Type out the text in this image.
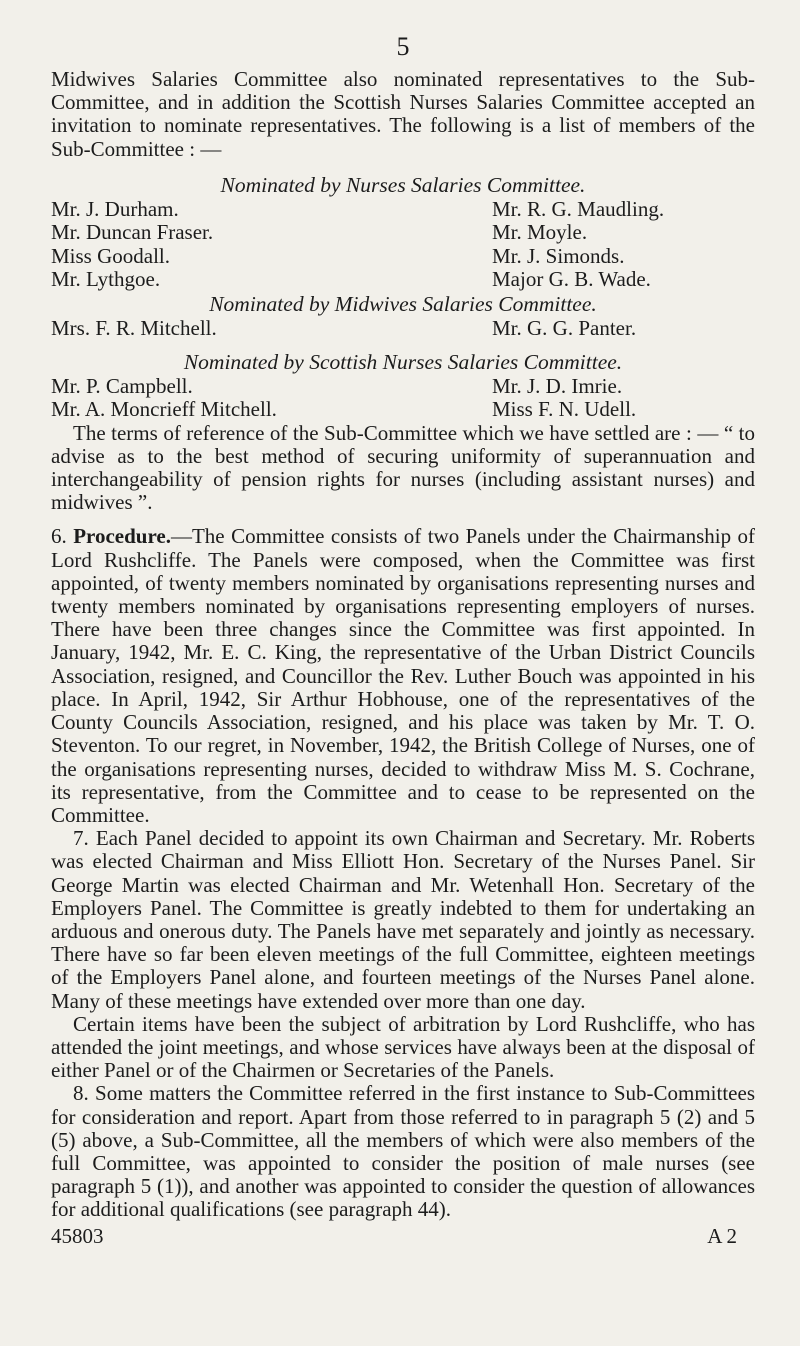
5

Midwives Salaries Committee also nominated representatives to the Sub-Committee, and in addition the Scottish Nurses Salaries Committee accepted an invitation to nominate representatives. The following is a list of members of the Sub-Committee : —

Nominated by Nurses Salaries Committee.
Mr. J. Durham.	Mr. R. G. Maudling.
Mr. Duncan Fraser.	Mr. Moyle.
Miss Goodall.	Mr. J. Simonds.
Mr. Lythgoe.	Major G. B. Wade.
Nominated by Midwives Salaries Committee.
Mrs. F. R. Mitchell.	Mr. G. G. Panter.
Nominated by Scottish Nurses Salaries Committee.
Mr. P. Campbell.	Mr. J. D. Imrie.
Mr. A. Moncrieff Mitchell.	Miss F. N. Udell.

The terms of reference of the Sub-Committee which we have settled are : — “ to advise as to the best method of securing uniformity of superannuation and interchangeability of pension rights for nurses (including assistant nurses) and midwives ”.

6. Procedure.—The Committee consists of two Panels under the Chairmanship of Lord Rushcliffe. The Panels were composed, when the Committee was first appointed, of twenty members nominated by organisations representing nurses and twenty members nominated by organisations representing employers of nurses. There have been three changes since the Committee was first appointed. In January, 1942, Mr. E. C. King, the representative of the Urban District Councils Association, resigned, and Councillor the Rev. Luther Bouch was appointed in his place. In April, 1942, Sir Arthur Hobhouse, one of the representatives of the County Councils Association, resigned, and his place was taken by Mr. T. O. Steventon. To our regret, in November, 1942, the British College of Nurses, one of the organisations representing nurses, decided to withdraw Miss M. S. Cochrane, its representative, from the Committee and to cease to be represented on the Committee.

7. Each Panel decided to appoint its own Chairman and Secretary. Mr. Roberts was elected Chairman and Miss Elliott Hon. Secretary of the Nurses Panel. Sir George Martin was elected Chairman and Mr. Wetenhall Hon. Secretary of the Employers Panel. The Committee is greatly indebted to them for undertaking an arduous and onerous duty. The Panels have met separately and jointly as necessary. There have so far been eleven meetings of the full Committee, eighteen meetings of the Employers Panel alone, and fourteen meetings of the Nurses Panel alone. Many of these meetings have extended over more than one day.

Certain items have been the subject of arbitration by Lord Rushcliffe, who has attended the joint meetings, and whose services have always been at the disposal of either Panel or of the Chairmen or Secretaries of the Panels.

8. Some matters the Committee referred in the first instance to Sub-Committees for consideration and report. Apart from those referred to in paragraph 5 (2) and 5 (5) above, a Sub-Committee, all the members of which were also members of the full Committee, was appointed to consider the position of male nurses (see paragraph 5 (1)), and another was appointed to consider the question of allowances for additional qualifications (see paragraph 44).

45803	A 2
